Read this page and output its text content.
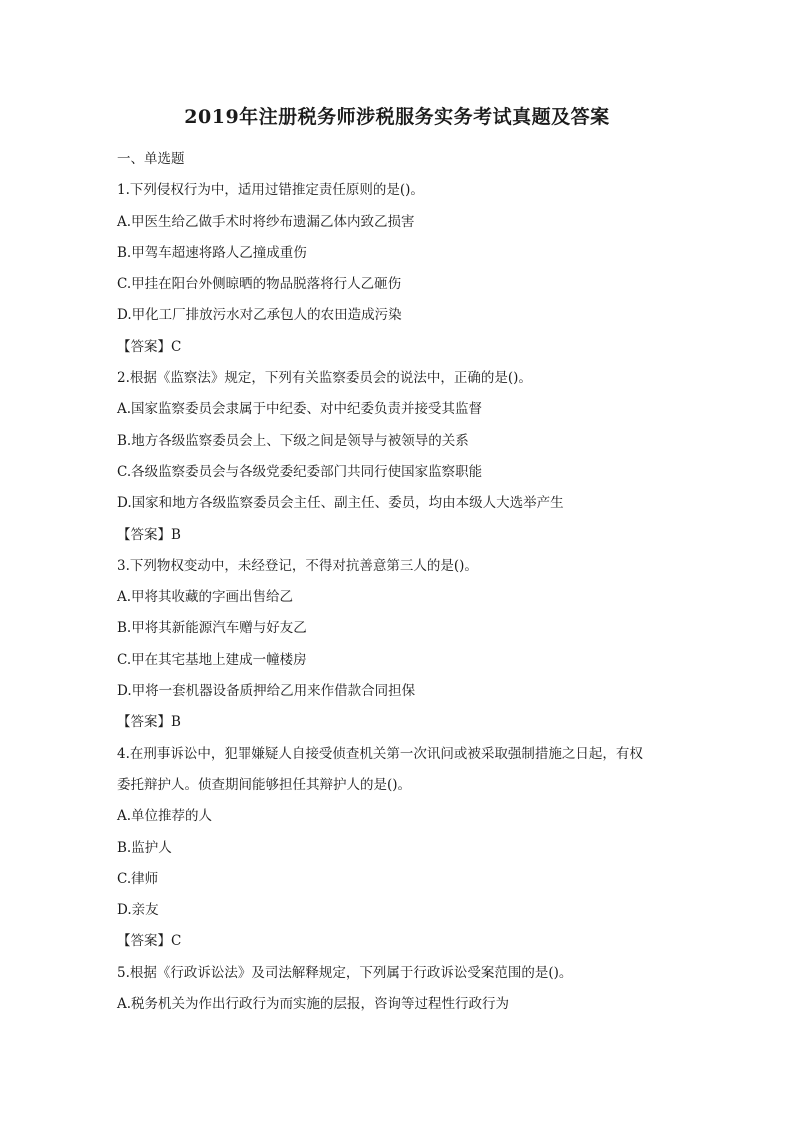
2019年注册税务师涉税服务实务考试真题及答案
一、单选题
1.下列侵权行为中，适用过错推定责任原则的是()。
A.甲医生给乙做手术时将纱布遗漏乙体内致乙损害
B.甲驾车超速将路人乙撞成重伤
C.甲挂在阳台外侧晾晒的物品脱落将行人乙砸伤
D.甲化工厂排放污水对乙承包人的农田造成污染
【答案】C
2.根据《监察法》规定，下列有关监察委员会的说法中，正确的是()。
A.国家监察委员会隶属于中纪委、对中纪委负责并接受其监督
B.地方各级监察委员会上、下级之间是领导与被领导的关系
C.各级监察委员会与各级党委纪委部门共同行使国家监察职能
D.国家和地方各级监察委员会主任、副主任、委员，均由本级人大选举产生
【答案】B
3.下列物权变动中，未经登记，不得对抗善意第三人的是()。
A.甲将其收藏的字画出售给乙
B.甲将其新能源汽车赠与好友乙
C.甲在其宅基地上建成一幢楼房
D.甲将一套机器设备质押给乙用来作借款合同担保
【答案】B
4.在刑事诉讼中，犯罪嫌疑人自接受侦查机关第一次讯问或被采取强制措施之日起，有权
委托辩护人。侦查期间能够担任其辩护人的是()。
A.单位推荐的人
B.监护人
C.律师
D.亲友
【答案】C
5.根据《行政诉讼法》及司法解释规定，下列属于行政诉讼受案范围的是()。
A.税务机关为作出行政行为而实施的层报，咨询等过程性行政行为
